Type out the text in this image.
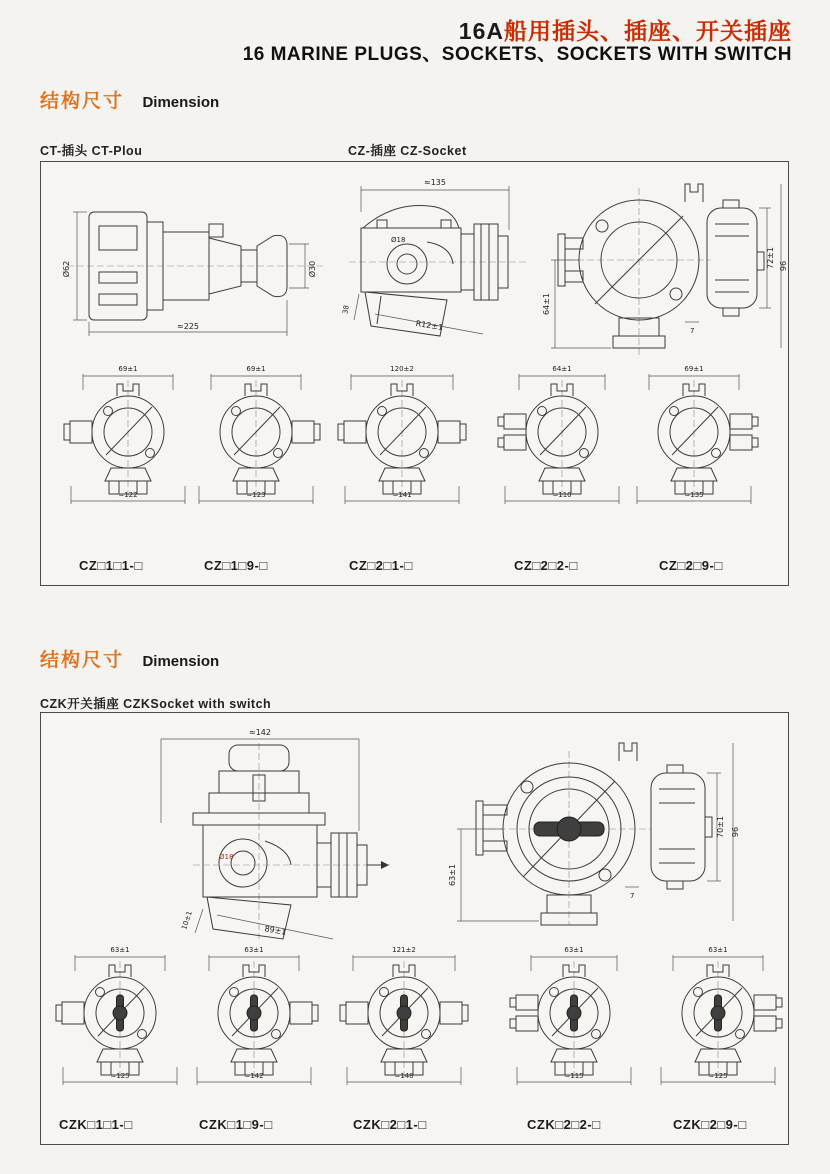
16A船用插头、插座、开关插座
16 MARINE PLUGS、SOCKETS、SOCKETS WITH SWITCH
结构尺寸 Dimension
CT-插头 CT-Plou	CZ-插座 CZ-Socket
Ø62
≈225
Ø30
≈135
Ø18
R12±1
38	64±1
72±1 96
7
69±1
≈122
69±1
≈123
120±2
≈141
64±1
≈110
69±1
≈135
CZ□1□1-□	CZ□1□9-□	CZ□2□1-□	CZ□2□2-□	CZ□2□9-□
结构尺寸 Dimension
CZK开关插座 CZKSocket with switch
≈142
Ø18
89±1
10±1
63±1
70±1 96
7
63±1
≈125
63±1
≈142
121±2
≈148
63±1
≈115
63±1
≈125
CZK□1□1-□	CZK□1□9-□	CZK□2□1-□	CZK□2□2-□	CZK□2□9-□
